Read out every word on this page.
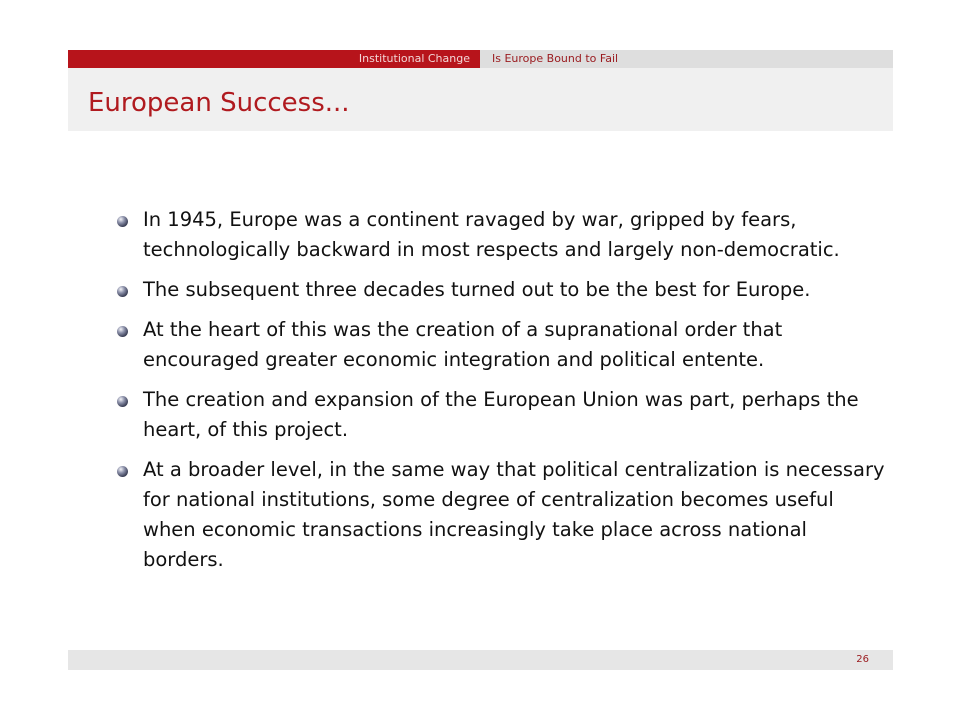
Institutional Change Is Europe Bound to Fail
European Success...
In 1945, Europe was a continent ravaged by war, gripped by fears, technologically backward in most respects and largely non-democratic.
The subsequent three decades turned out to be the best for Europe.
At the heart of this was the creation of a supranational order that encouraged greater economic integration and political entente.
The creation and expansion of the European Union was part, perhaps the heart, of this project.
At a broader level, in the same way that political centralization is necessary for national institutions, some degree of centralization becomes useful when economic transactions increasingly take place across national borders.
26
